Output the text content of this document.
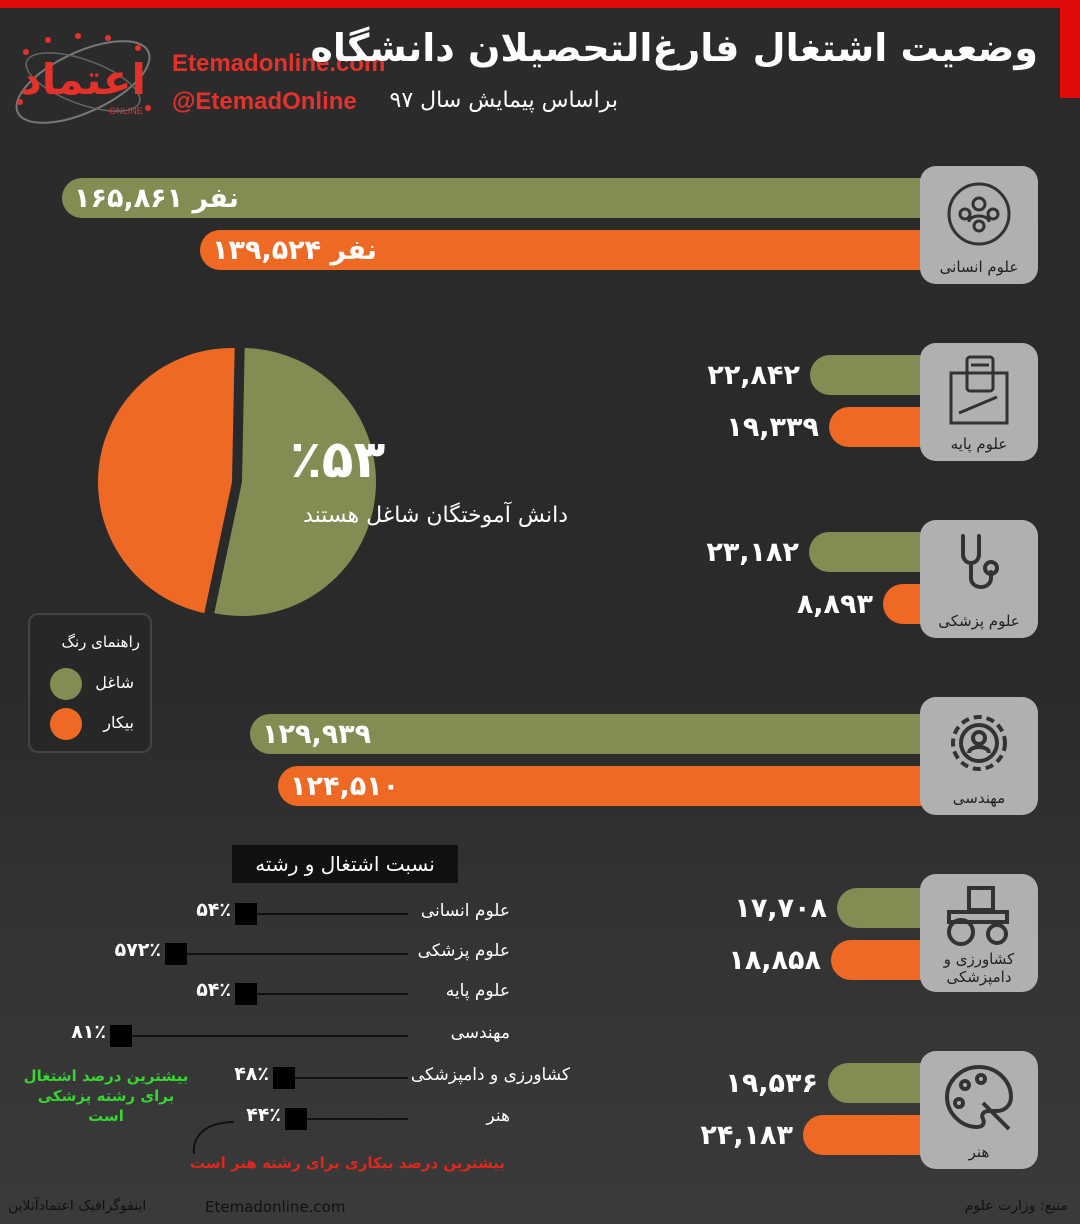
اعتماد
ONLINE
Etemadonline.com
@EtemadOnline
وضعیت اشتغال فارغ‌التحصیلان دانشگاه
براساس پیمایش سال ۹۷
۱۶۵,۸۶۱ نفر
۲۲,۸۴۲
۲۳,۱۸۲
۱۲۹,۹۳۹
۱۷,۷۰۸
۱۹,۵۳۶
۱۳۹,۵۲۴ نفر
۱۹,۳۳۹
۸,۸۹۳
۱۲۴,۵۱۰
۱۸,۸۵۸
۲۴,۱۸۳
علوم انسانی
علوم پایه
علوم پزشکی
مهندسی
کشاورزی و دامپزشکی
هنر
٪۵۳
دانش آموختگان شاغل هستند
راهنمای رنگ
شاغل
بیکار
نسبت اشتغال و رشته
۵۴٪	علوم انسانی
۵۷۲٪	علوم پزشکی
۵۴٪	علوم پایه
۸۱٪	مهندسی
۴۸٪	کشاورزی و دامپزشکی
۴۴٪	هنر
بیشترین درصد اشتغال
برای رشته پزشکی است
بیشترین درصد بیکاری برای رشته هنر است
اینفوگرافیک اعتمادآنلاین	Etemadonline.com	منبع: وزارت علوم
